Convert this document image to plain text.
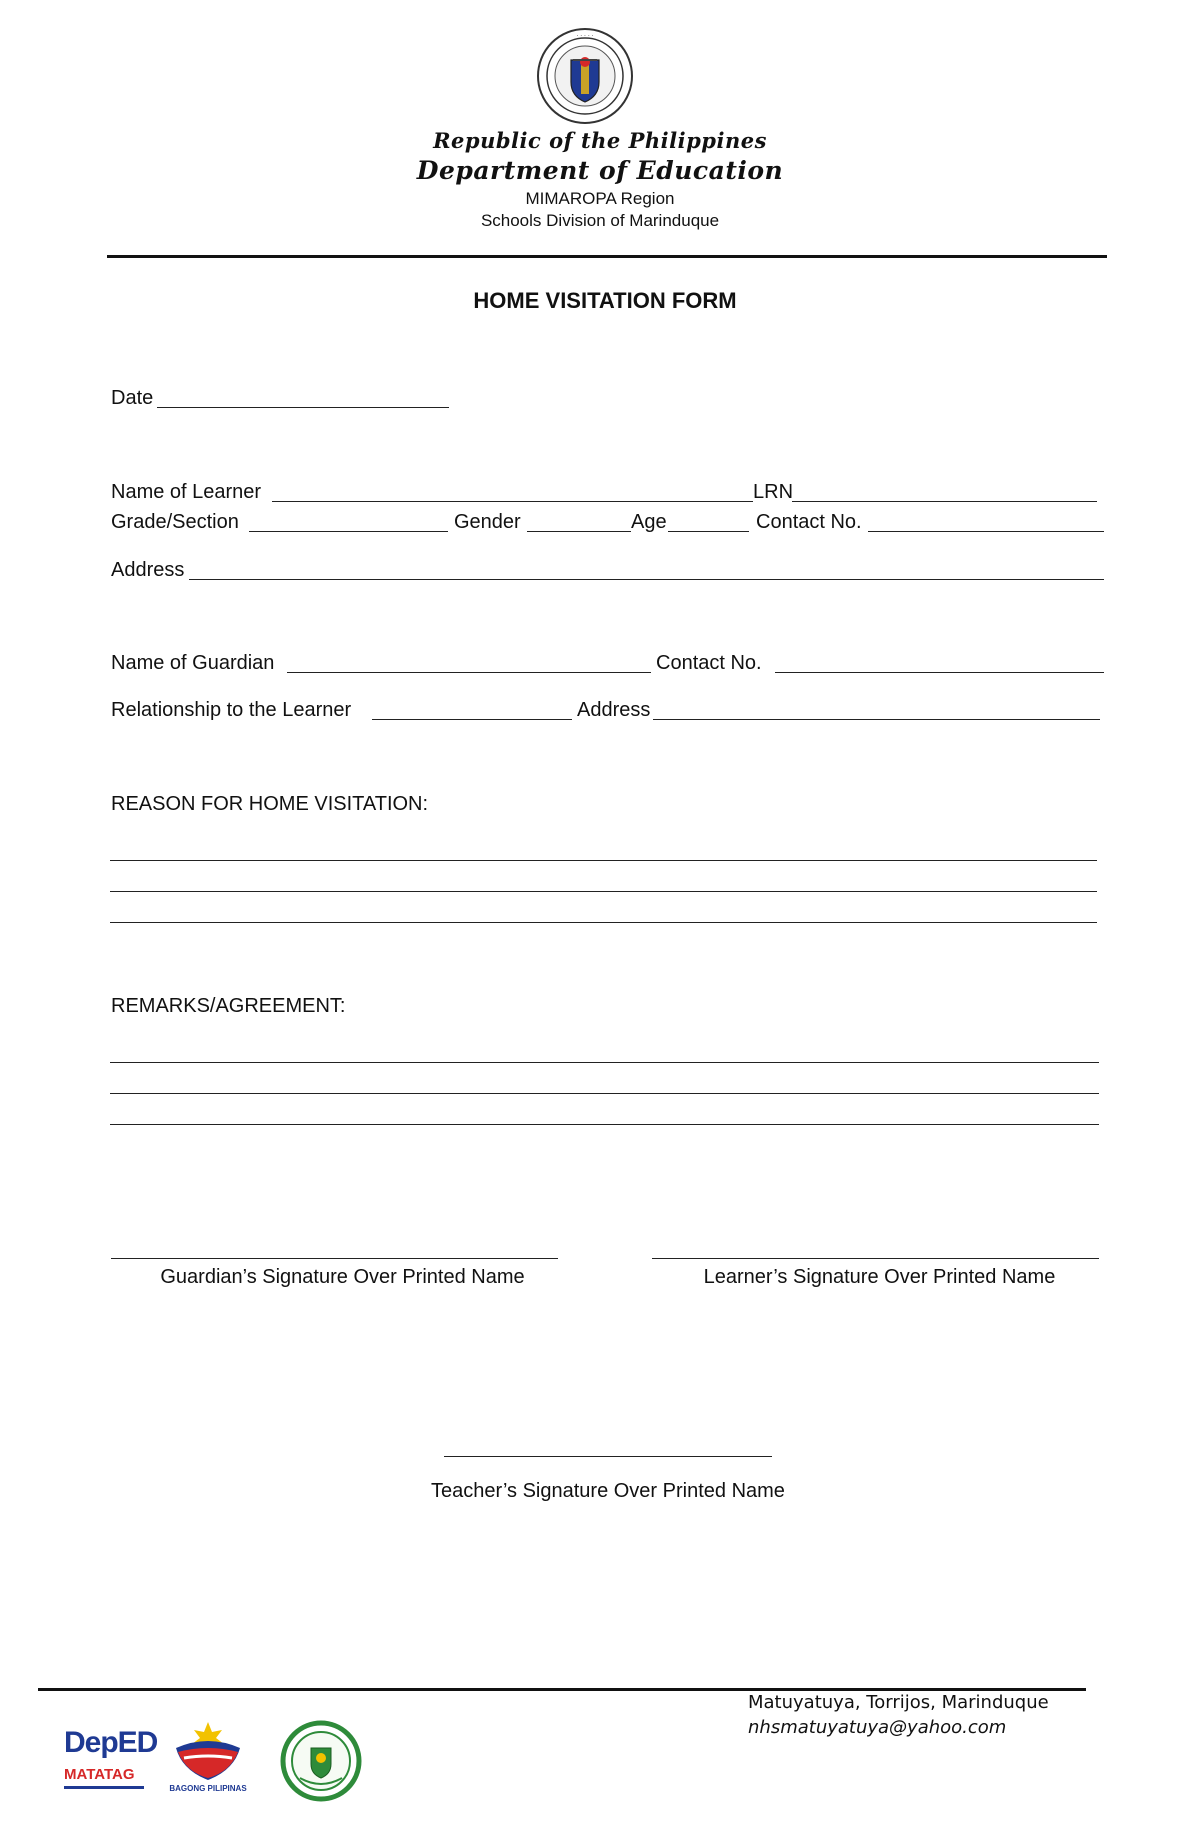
· · · · ·
Republic of the Philippines
Department of Education
MIMAROPA Region
Schools Division of Marinduque
HOME VISITATION FORM
Date
Name of Learner	LRN
Grade/Section	Gender	Age	Contact No.
Address
Name of Guardian	Contact No.
Relationship to the Learner	Address
REASON FOR HOME VISITATION:
REMARKS/AGREEMENT:
Guardian’s Signature Over Printed Name	Learner’s Signature Over Printed Name
Teacher’s Signature Over Printed Name
Matuyatuya, Torrijos, Marinduque
nhsmatuyatuya@yahoo.com
DepED
MATATAG
BAGONG PILIPINAS
